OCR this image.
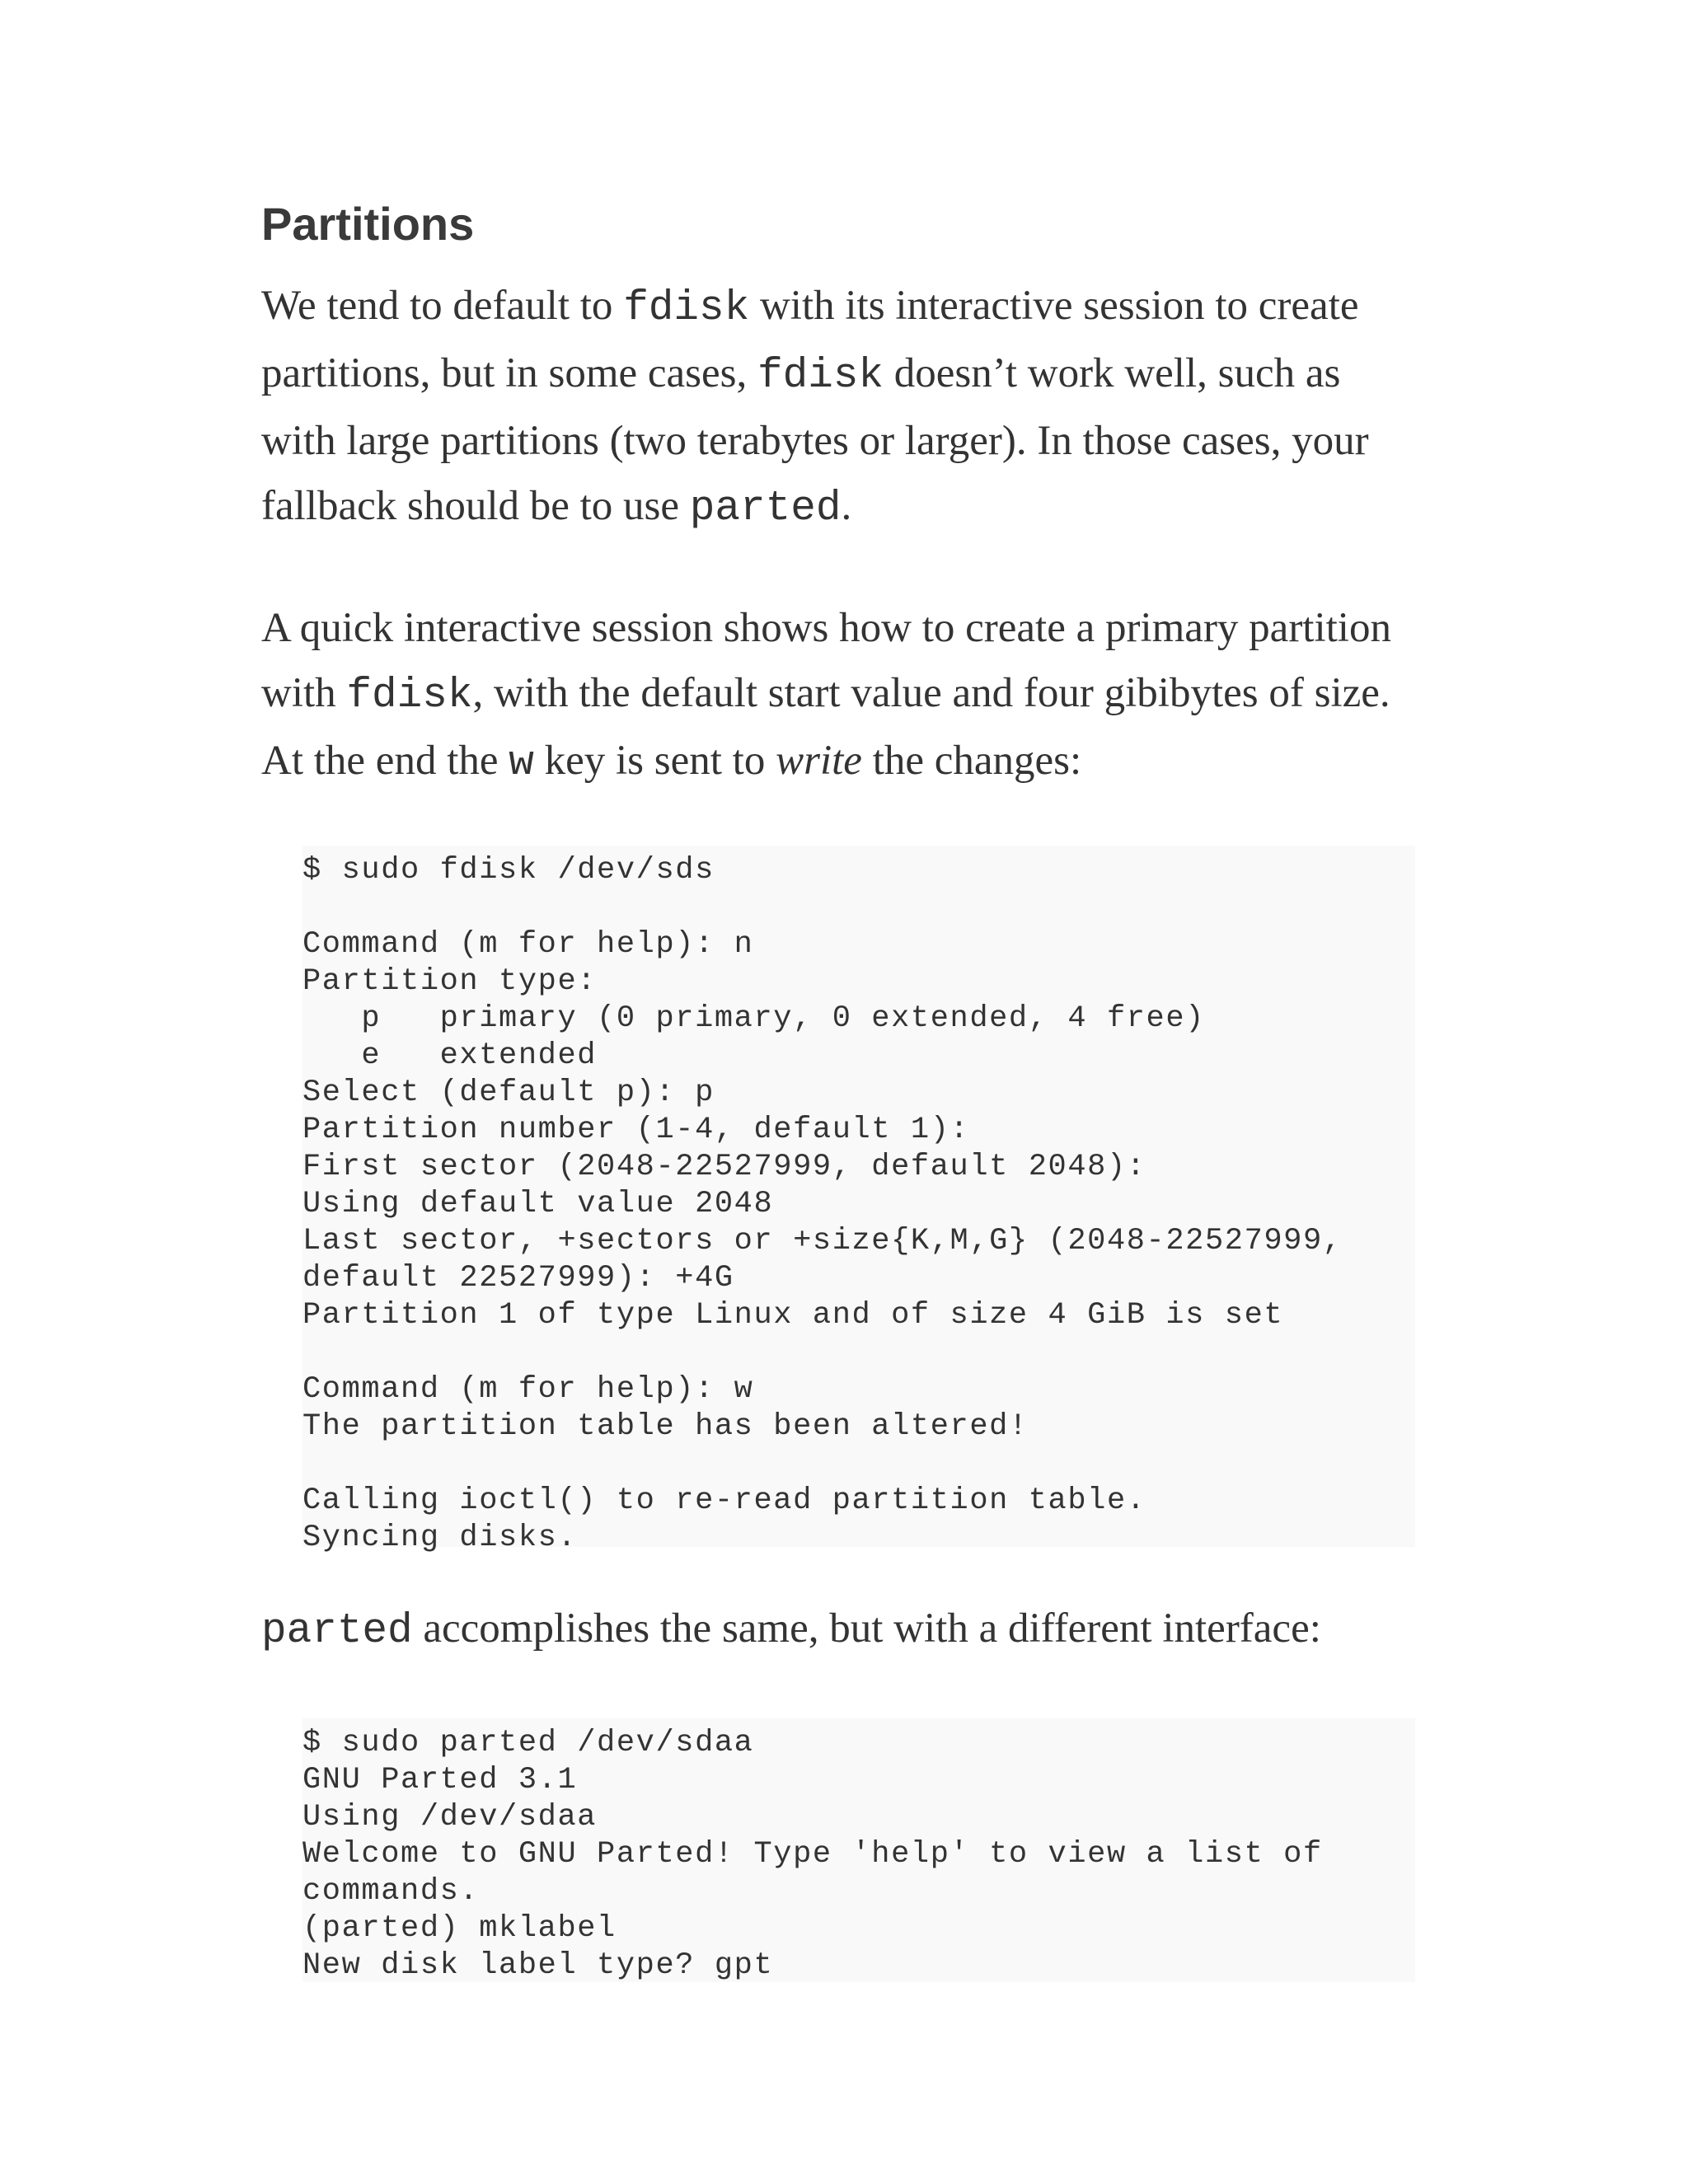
Partitions

We tend to default to fdisk with its interactive session to create partitions, but in some cases, fdisk doesn’t work well, such as with large partitions (two terabytes or larger). In those cases, your fallback should be to use parted.

A quick interactive session shows how to create a primary partition with fdisk, with the default start value and four gibibytes of size. At the end the w key is sent to write the changes:

$ sudo fdisk /dev/sds

Command (m for help): n
Partition type:
p   primary (0 primary, 0 extended, 4 free)
e   extended
Select (default p): p
Partition number (1-4, default 1):
First sector (2048-22527999, default 2048):
Using default value 2048
Last sector, +sectors or +size{K,M,G} (2048-22527999,
default 22527999): +4G
Partition 1 of type Linux and of size 4 GiB is set

Command (m for help): w
The partition table has been altered!

Calling ioctl() to re-read partition table.
Syncing disks.

parted accomplishes the same, but with a different interface:

$ sudo parted /dev/sdaa
GNU Parted 3.1
Using /dev/sdaa
Welcome to GNU Parted! Type 'help' to view a list of
commands.
(parted) mklabel
New disk label type? gpt
